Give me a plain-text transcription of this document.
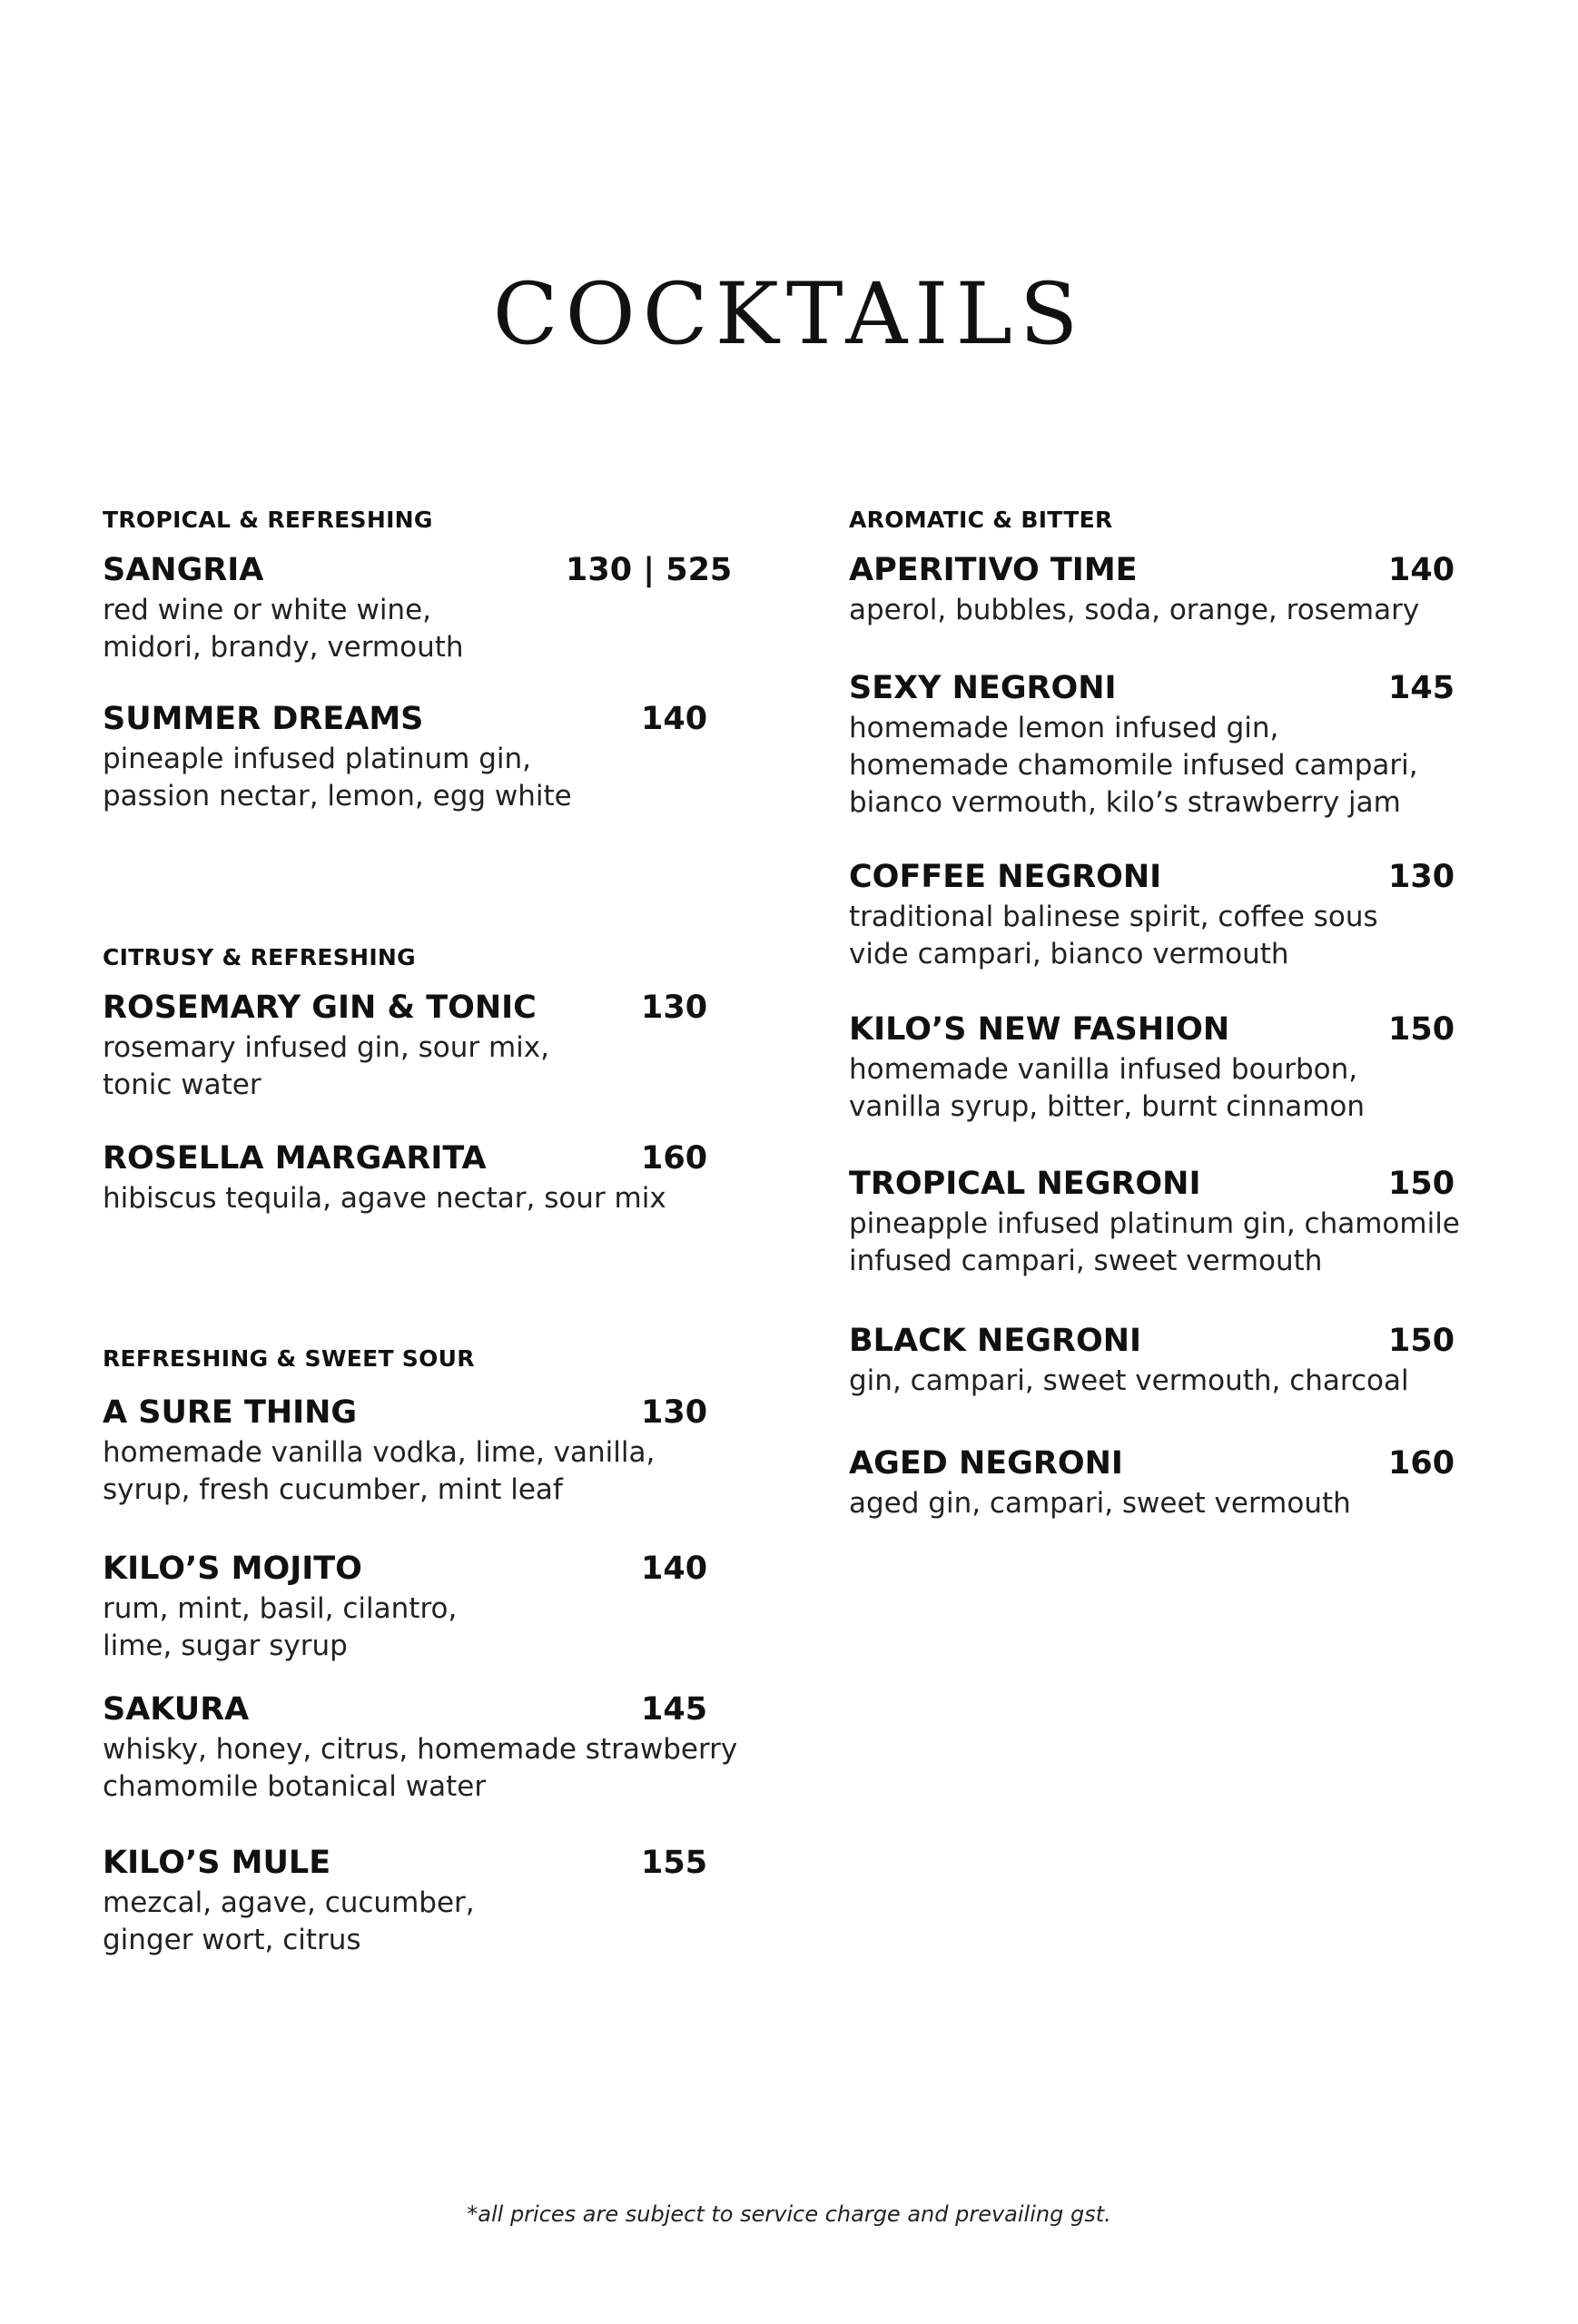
COCKTAILS
TROPICAL & REFRESHING
SANGRIA	130 | 525
red wine or white wine,
midori, brandy, vermouth
SUMMER DREAMS	140
pineaple infused platinum gin,
passion nectar, lemon, egg white
CITRUSY & REFRESHING
ROSEMARY GIN & TONIC	130
rosemary infused gin, sour mix,
tonic water
ROSELLA MARGARITA	160
hibiscus tequila, agave nectar, sour mix
REFRESHING & SWEET SOUR
A SURE THING	130
homemade vanilla vodka, lime, vanilla,
syrup, fresh cucumber, mint leaf
KILO’S MOJITO	140
rum, mint, basil, cilantro,
lime, sugar syrup
SAKURA	145
whisky, honey, citrus, homemade strawberry
chamomile botanical water
KILO’S MULE	155
mezcal, agave, cucumber,
ginger wort, citrus
AROMATIC & BITTER
APERITIVO TIME	140
aperol, bubbles, soda, orange, rosemary
SEXY NEGRONI	145
homemade lemon infused gin,
homemade chamomile infused campari,
bianco vermouth, kilo’s strawberry jam
COFFEE NEGRONI	130
traditional balinese spirit, coffee sous
vide campari, bianco vermouth
KILO’S NEW FASHION	150
homemade vanilla infused bourbon,
vanilla syrup, bitter, burnt cinnamon
TROPICAL NEGRONI	150
pineapple infused platinum gin, chamomile
infused campari, sweet vermouth
BLACK NEGRONI	150
gin, campari, sweet vermouth, charcoal
AGED NEGRONI	160
aged gin, campari, sweet vermouth
*all prices are subject to service charge and prevailing gst.
